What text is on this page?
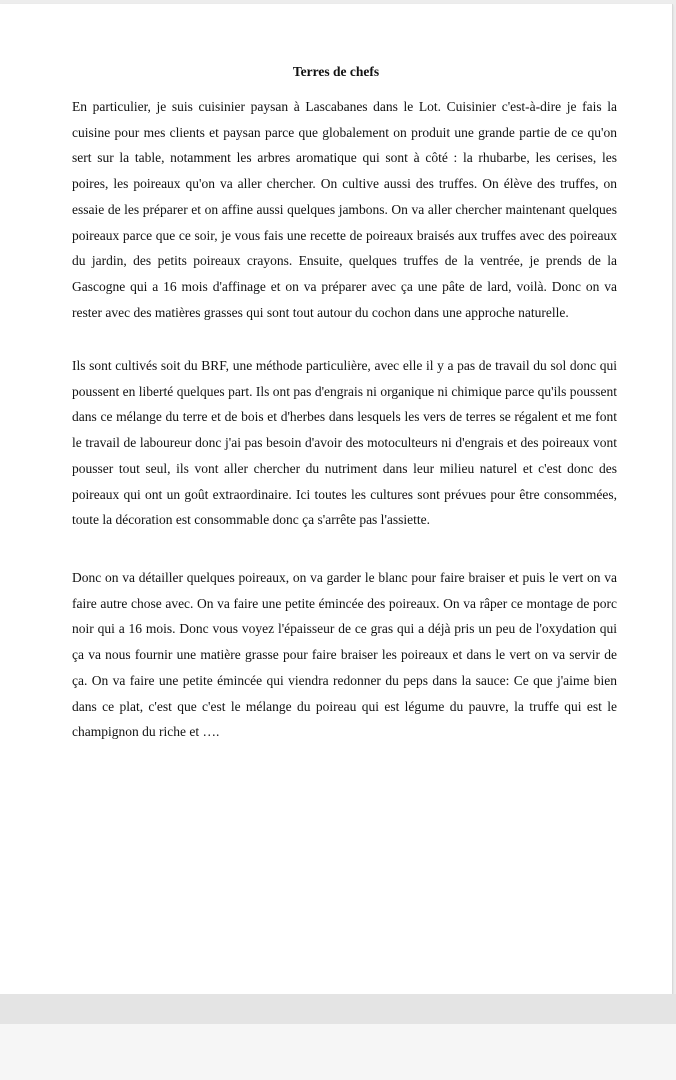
Terres de chefs

En particulier, je suis cuisinier paysan à Lascabanes dans le Lot. Cuisinier c'est-à-dire je fais la cuisine pour mes clients et paysan parce que globalement on produit une grande partie de ce qu'on sert sur la table, notamment les arbres aromatique qui sont à côté : la rhubarbe, les cerises, les poires, les poireaux qu'on va aller chercher. On cultive aussi des truffes. On élève des truffes, on essaie de les préparer et on affine aussi quelques jambons. On va aller chercher maintenant quelques poireaux parce que ce soir, je vous fais une recette de poireaux braisés aux truffes avec des poireaux du jardin, des petits poireaux crayons. Ensuite, quelques truffes de la ventrée, je prends de la Gascogne qui a 16 mois d'affinage et on va préparer avec ça une pâte de lard, voilà. Donc on va rester avec des matières grasses qui sont tout autour du cochon dans une approche naturelle.

Ils sont cultivés soit du BRF, une méthode particulière, avec elle il y a pas de travail du sol donc qui poussent en liberté quelques part. Ils ont pas d'engrais ni organique ni chimique parce qu'ils poussent dans ce mélange du terre et de bois et d'herbes dans lesquels les vers de terres se régalent et me font le travail de laboureur donc j'ai pas besoin d'avoir des motoculteurs ni d'engrais et des poireaux vont pousser tout seul, ils vont aller chercher du nutriment dans leur milieu naturel et c'est donc des poireaux qui ont un goût extraordinaire. Ici toutes les cultures sont prévues pour être consommées, toute la décoration est consommable donc ça s'arrête pas l'assiette.

Donc on va détailler quelques poireaux, on va garder le blanc pour faire braiser et puis le vert on va faire autre chose avec. On va faire une petite émincée des poireaux. On va râper ce montage de porc noir qui a 16 mois. Donc vous voyez l'épaisseur de ce gras qui a déjà pris un peu de l'oxydation qui ça va nous fournir une matière grasse pour faire braiser les poireaux et dans le vert on va servir de ça. On va faire une petite émincée qui viendra redonner du peps dans la sauce: Ce que j'aime bien dans ce plat, c'est que c'est le mélange du poireau qui est légume du pauvre, la truffe qui est le champignon du riche et ….
